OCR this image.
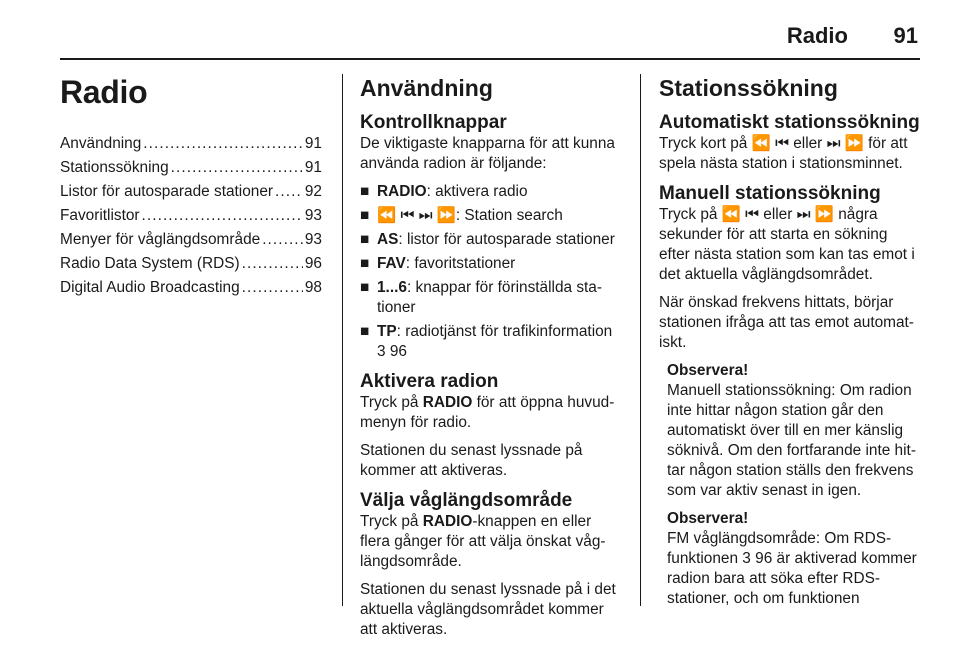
Radio 91
Radio
Användning . . .	91
Stationssökning . . .	91
Listor för autosparade stationer . . . 92
Favoritlistor . . .	93
Menyer för våglängdsområde . . .	93
Radio Data System (RDS) . . .	96
Digital Audio Broadcasting . . .	98
Användning
Kontrollknappar

De viktigaste knapparna för att kunna använda radion är följande:

■ RADIO: aktivera radio
■ ⏪ ⏮ ⏭ ⏩: Station search
■ AS: listor för autosparade stationer
■ FAV: favoritstationer
■ 1...6: knappar för förinställda sta-tioner
■ TP: radiotjänst för trafikinformation
3 96
Aktivera radion

Tryck på RADIO för att öppna huvud-menyn för radio.

Stationen du senast lyssnade på kommer att aktiveras.

Välja våglängdsområde

Tryck på RADIO-knappen en eller flera gånger för att välja önskat våg-längdsområde.

Stationen du senast lyssnade på i det aktuella våglängdsområdet kommer att aktiveras.

Stationssökning
Automatiskt stationssökning

Tryck kort på ⏪ ⏮ eller ⏭ ⏩ för att spela nästa station i stationsminnet.

Manuell stationssökning

Tryck på ⏪ ⏮ eller ⏭ ⏩ några sekunder för att starta en sökning efter nästa station som kan tas emot i det aktuella våglängdsområdet.

När önskad frekvens hittats, börjar stationen ifråga att tas emot automat-iskt.

Observera!
Manuell stationssökning: Om radion inte hittar någon station går den automatiskt över till en mer känslig söknivå. Om den fortfarande inte hit-tar någon station ställs den frekvens som var aktiv senast in igen.
Observera!
FM våglängdsområde: Om RDS-funktionen 3 96 är aktiverad kommer radion bara att söka efter RDS-stationer, och om funktionen
